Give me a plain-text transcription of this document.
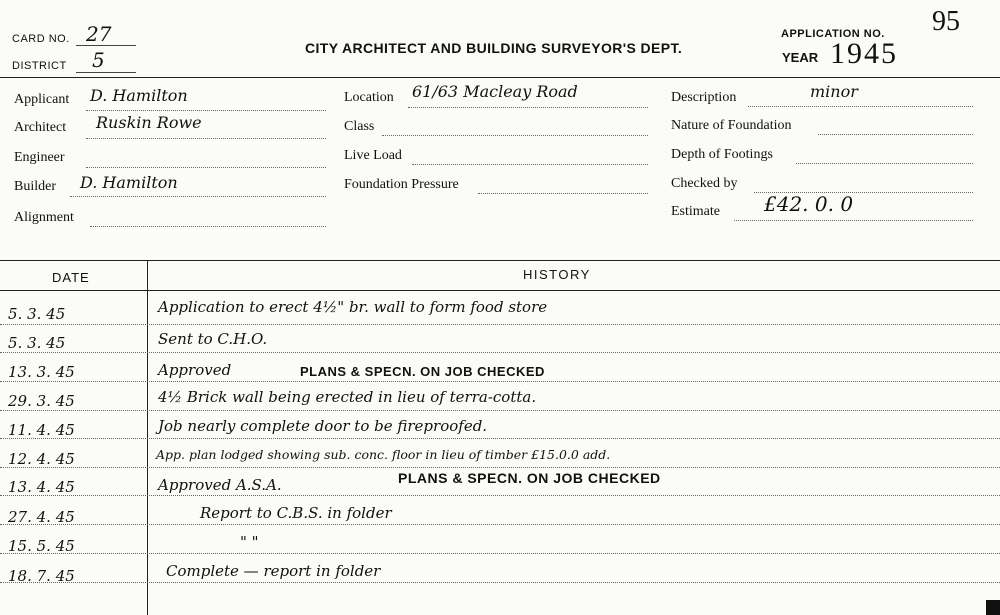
CARD NO. 27
DISTRICT 5	CITY ARCHITECT AND BUILDING SURVEYOR'S DEPT.
APPLICATION NO. 95
YEAR 1945
Applicant D. Hamilton
Architect Ruskin Rowe
Engineer
Builder D. Hamilton
Alignment
Location 61/63 Macleay Road
Class
Live Load
Foundation Pressure
Description	minor
Nature of Foundation
Depth of Footings
Checked by
Estimate £42. 0. 0
DATE	HISTORY
5. 3. 45	Application to erect 4½" br. wall to form food store
5. 3. 45	Sent to C.H.O.
13. 3. 45	Approved	PLANS & SPECN. ON JOB CHECKED
29. 3. 45	4½ Brick wall being erected in lieu of terra-cotta.
11. 4. 45	Job nearly complete door to be fireproofed.
12. 4. 45	App. plan lodged showing sub. conc. floor in lieu of timber £15.0.0 add.
13. 4. 45	Approved A.S.A.	PLANS & SPECN. ON JOB CHECKED
27. 4. 45	Report to C.B.S. in folder
15. 5. 45	" "
18. 7. 45	Complete — report in folder
